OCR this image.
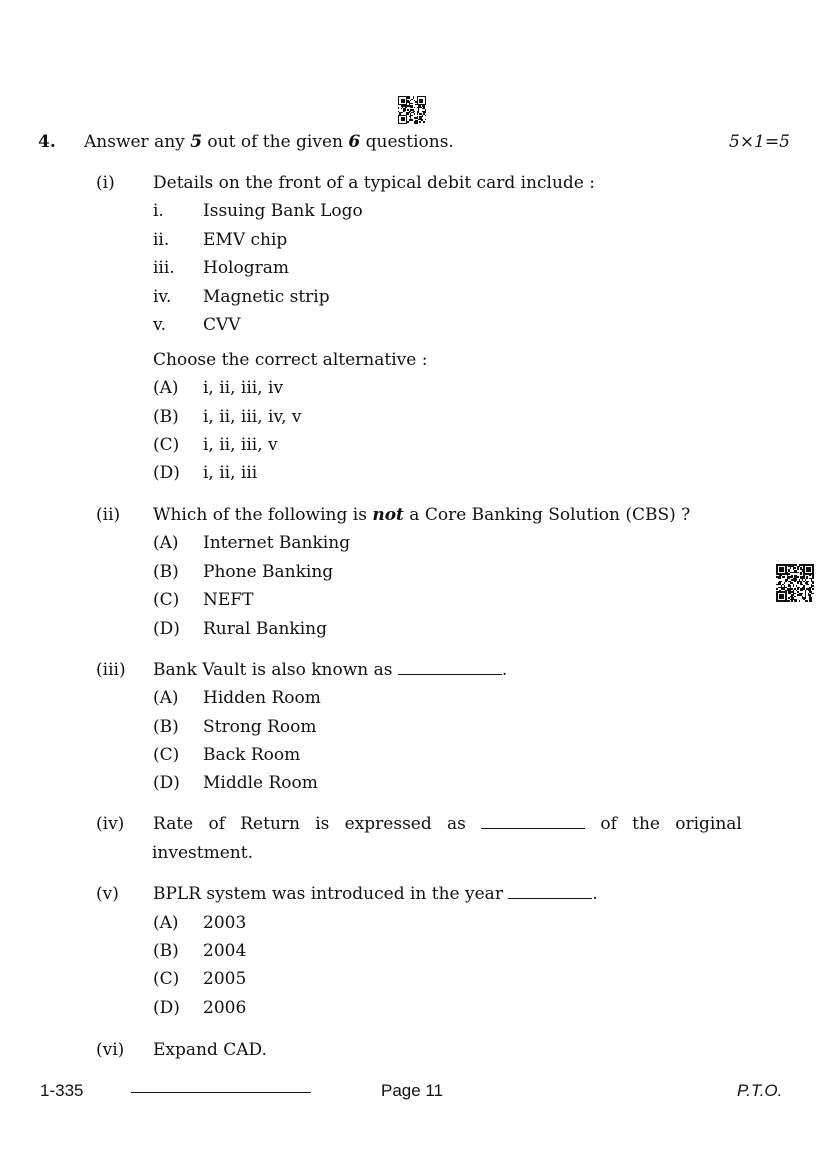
4. Answer any 5 out of the given 6 questions.	5×1=5
(i) Details on the front of a typical debit card include :
i. Issuing Bank Logo
ii. EMV chip
iii. Hologram
iv. Magnetic strip
v. CVV
Choose the correct alternative :
(A) i, ii, iii, iv
(B) i, ii, iii, iv, v
(C) i, ii, iii, v
(D) i, ii, iii
(ii) Which of the following is not a Core Banking Solution (CBS) ?
(A) Internet Banking
(B) Phone Banking
(C) NEFT
(D) Rural Banking
(iii) Bank Vault is also known as	.
(A) Hidden Room
(B) Strong Room
(C) Back Room
(D) Middle Room
(iv) Rate of Return is expressed as	of the original
investment.
(v) BPLR system was introduced in the year	.
(A) 2003
(B) 2004
(C) 2005
(D) 2006
(vi) Expand CAD.
1-335	Page 11	P.T.O.
